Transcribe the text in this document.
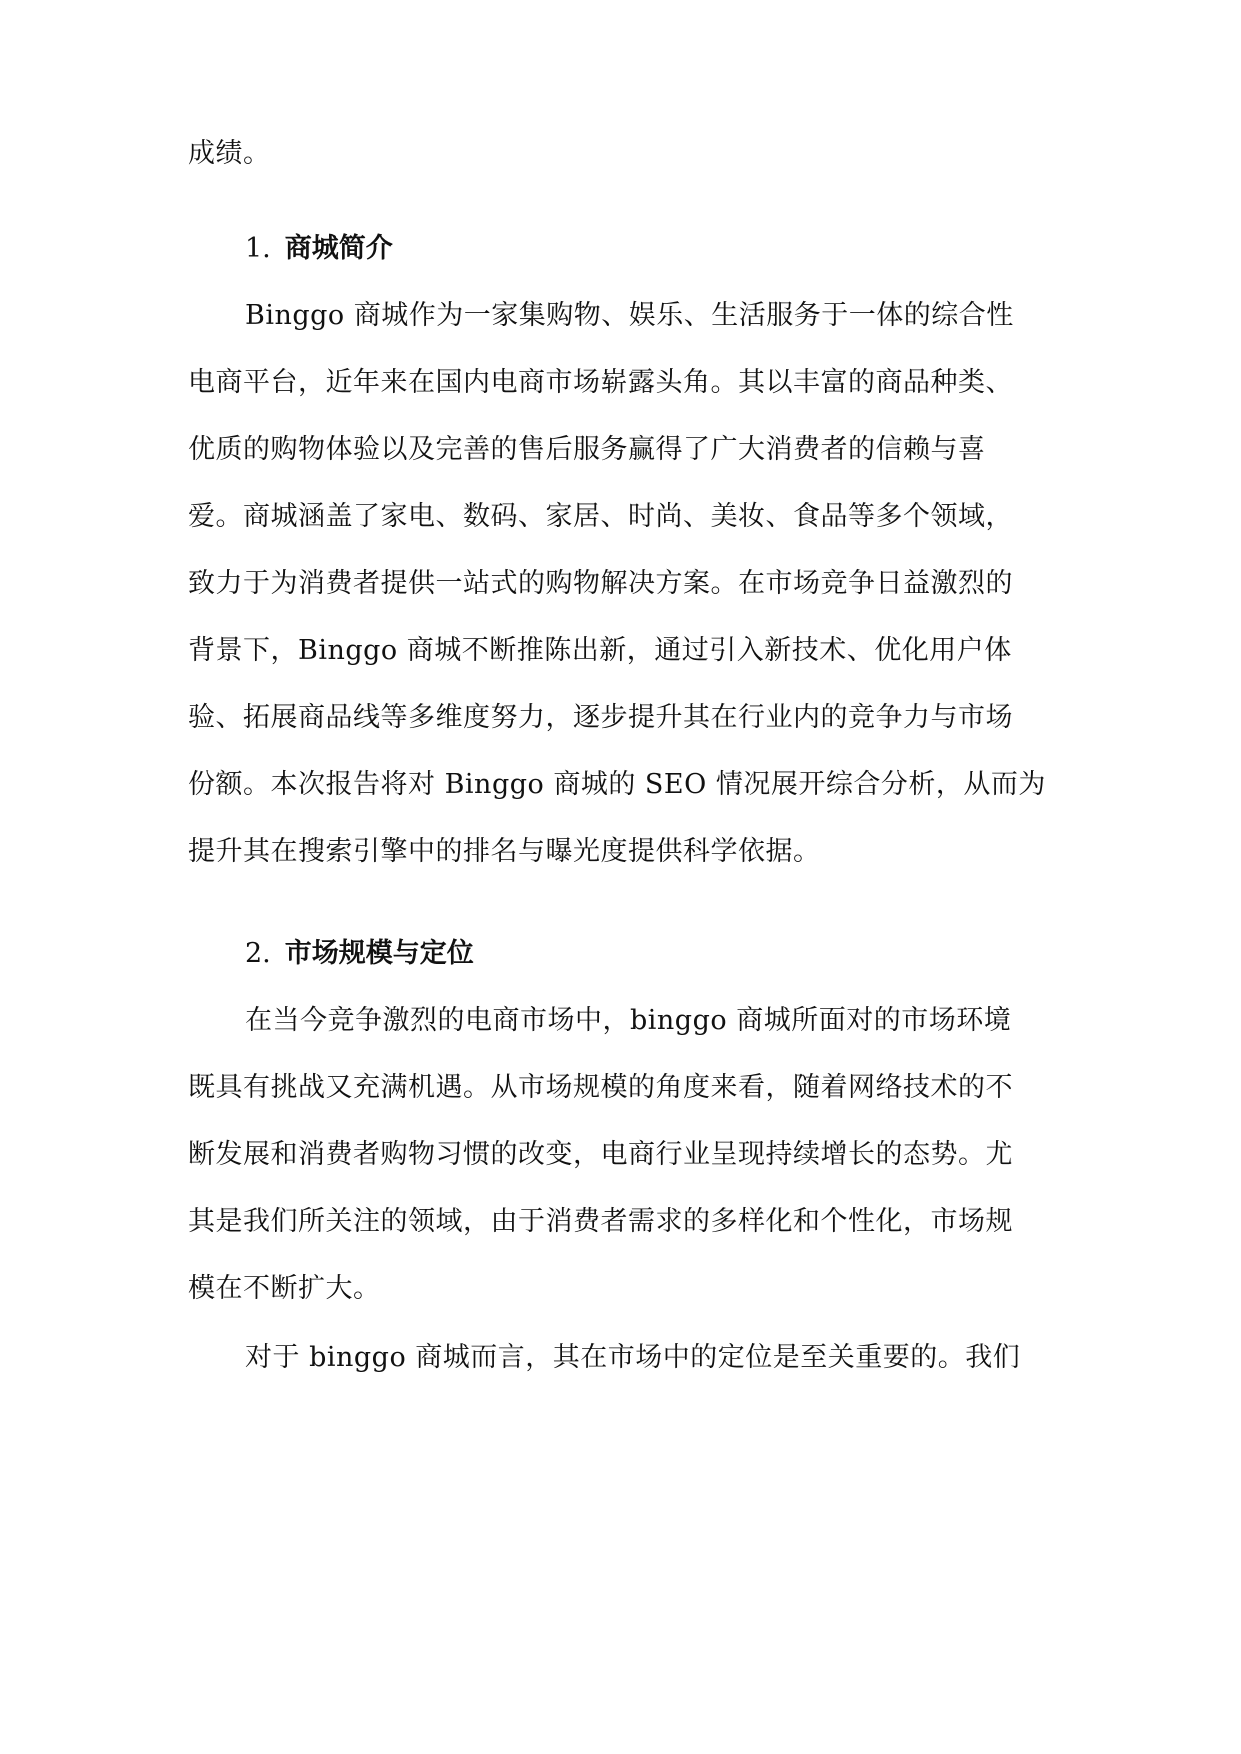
成绩。
1. 商城简介
Binggo 商城作为一家集购物、娱乐、生活服务于一体的综合性
电商平台，近年来在国内电商市场崭露头角。其以丰富的商品种类、
优质的购物体验以及完善的售后服务赢得了广大消费者的信赖与喜
爱。商城涵盖了家电、数码、家居、时尚、美妆、食品等多个领域，
致力于为消费者提供一站式的购物解决方案。在市场竞争日益激烈的
背景下，Binggo 商城不断推陈出新，通过引入新技术、优化用户体
验、拓展商品线等多维度努力，逐步提升其在行业内的竞争力与市场
份额。本次报告将对 Binggo 商城的 SEO 情况展开综合分析，从而为
提升其在搜索引擎中的排名与曝光度提供科学依据。
2. 市场规模与定位
在当今竞争激烈的电商市场中，binggo 商城所面对的市场环境
既具有挑战又充满机遇。从市场规模的角度来看，随着网络技术的不
断发展和消费者购物习惯的改变，电商行业呈现持续增长的态势。尤
其是我们所关注的领域，由于消费者需求的多样化和个性化，市场规
模在不断扩大。
对于 binggo 商城而言，其在市场中的定位是至关重要的。我们
